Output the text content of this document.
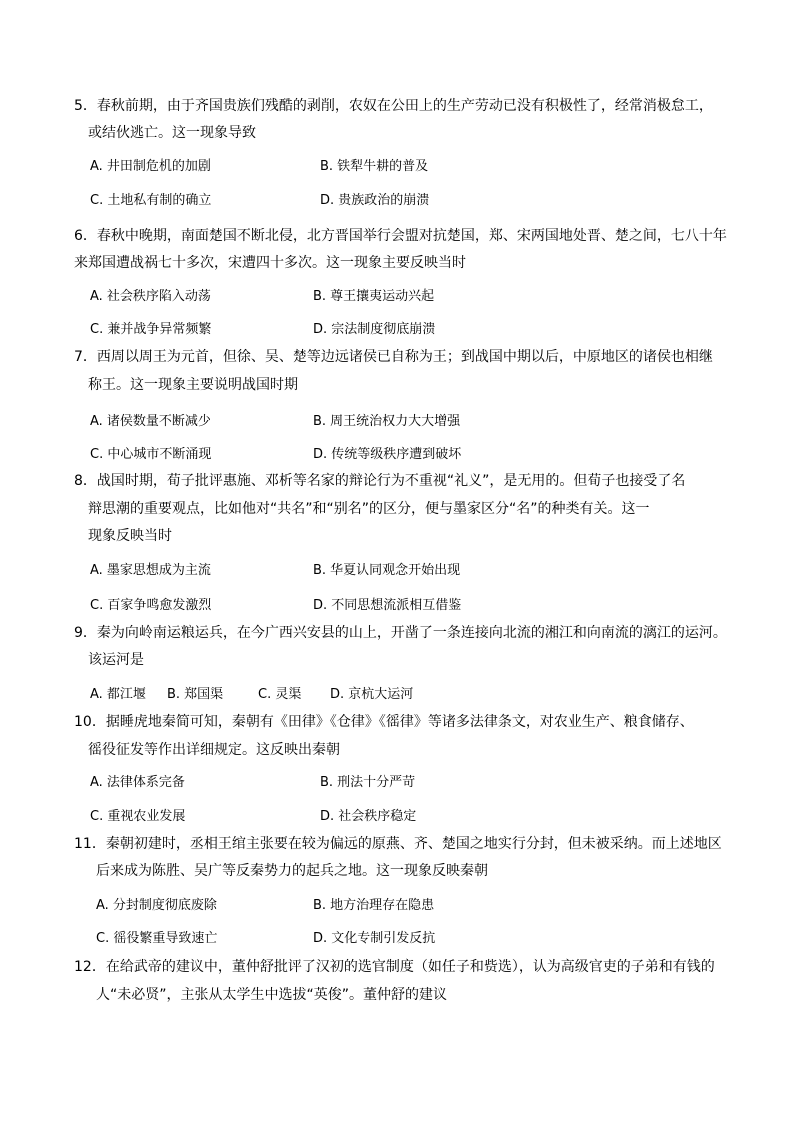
5．春秋前期，由于齐国贵族们残酷的剥削，农奴在公田上的生产劳动已没有积极性了，经常消极怠工，
或结伙逃亡。这一现象导致
A. 井田制危机的加剧	B. 铁犁牛耕的普及
C. 土地私有制的确立	D. 贵族政治的崩溃
6．春秋中晚期，南面楚国不断北侵，北方晋国举行会盟对抗楚国，郑、宋两国地处晋、楚之间，七八十年
来郑国遭战祸七十多次，宋遭四十多次。这一现象主要反映当时
A. 社会秩序陷入动荡	B. 尊王攘夷运动兴起
C. 兼并战争异常频繁	D. 宗法制度彻底崩溃
7．西周以周王为元首，但徐、吴、楚等边远诸侯已自称为王；到战国中期以后，中原地区的诸侯也相继
称王。这一现象主要说明战国时期
A. 诸侯数量不断减少	B. 周王统治权力大大增强
C. 中心城市不断涌现	D. 传统等级秩序遭到破坏
8．战国时期，荀子批评惠施、邓析等名家的辩论行为不重视“礼义”，是无用的。但荀子也接受了名
辩思潮的重要观点，比如他对“共名”和“别名”的区分，便与墨家区分“名”的种类有关。这一
现象反映当时
A. 墨家思想成为主流	B. 华夏认同观念开始出现
C. 百家争鸣愈发激烈	D. 不同思想流派相互借鉴
9．秦为向岭南运粮运兵，在今广西兴安县的山上，开凿了一条连接向北流的湘江和向南流的漓江的运河。
该运河是
A. 都江堰 B. 郑国渠	C. 灵渠 D. 京杭大运河
10．据睡虎地秦简可知，秦朝有《田律》《仓律》《徭律》等诸多法律条文，对农业生产、粮食储存、
徭役征发等作出详细规定。这反映出秦朝
A. 法律体系完备	B. 刑法十分严苛
C. 重视农业发展	D. 社会秩序稳定
11．秦朝初建时，丞相王绾主张要在较为偏远的原燕、齐、楚国之地实行分封，但未被采纳。而上述地区
后来成为陈胜、吴广等反秦势力的起兵之地。这一现象反映秦朝
A. 分封制度彻底废除	B. 地方治理存在隐患
C. 徭役繁重导致速亡	D. 文化专制引发反抗
12．在给武帝的建议中，董仲舒批评了汉初的选官制度（如任子和赀选），认为高级官吏的子弟和有钱的
人“未必贤”，主张从太学生中选拔“英俊”。董仲舒的建议
